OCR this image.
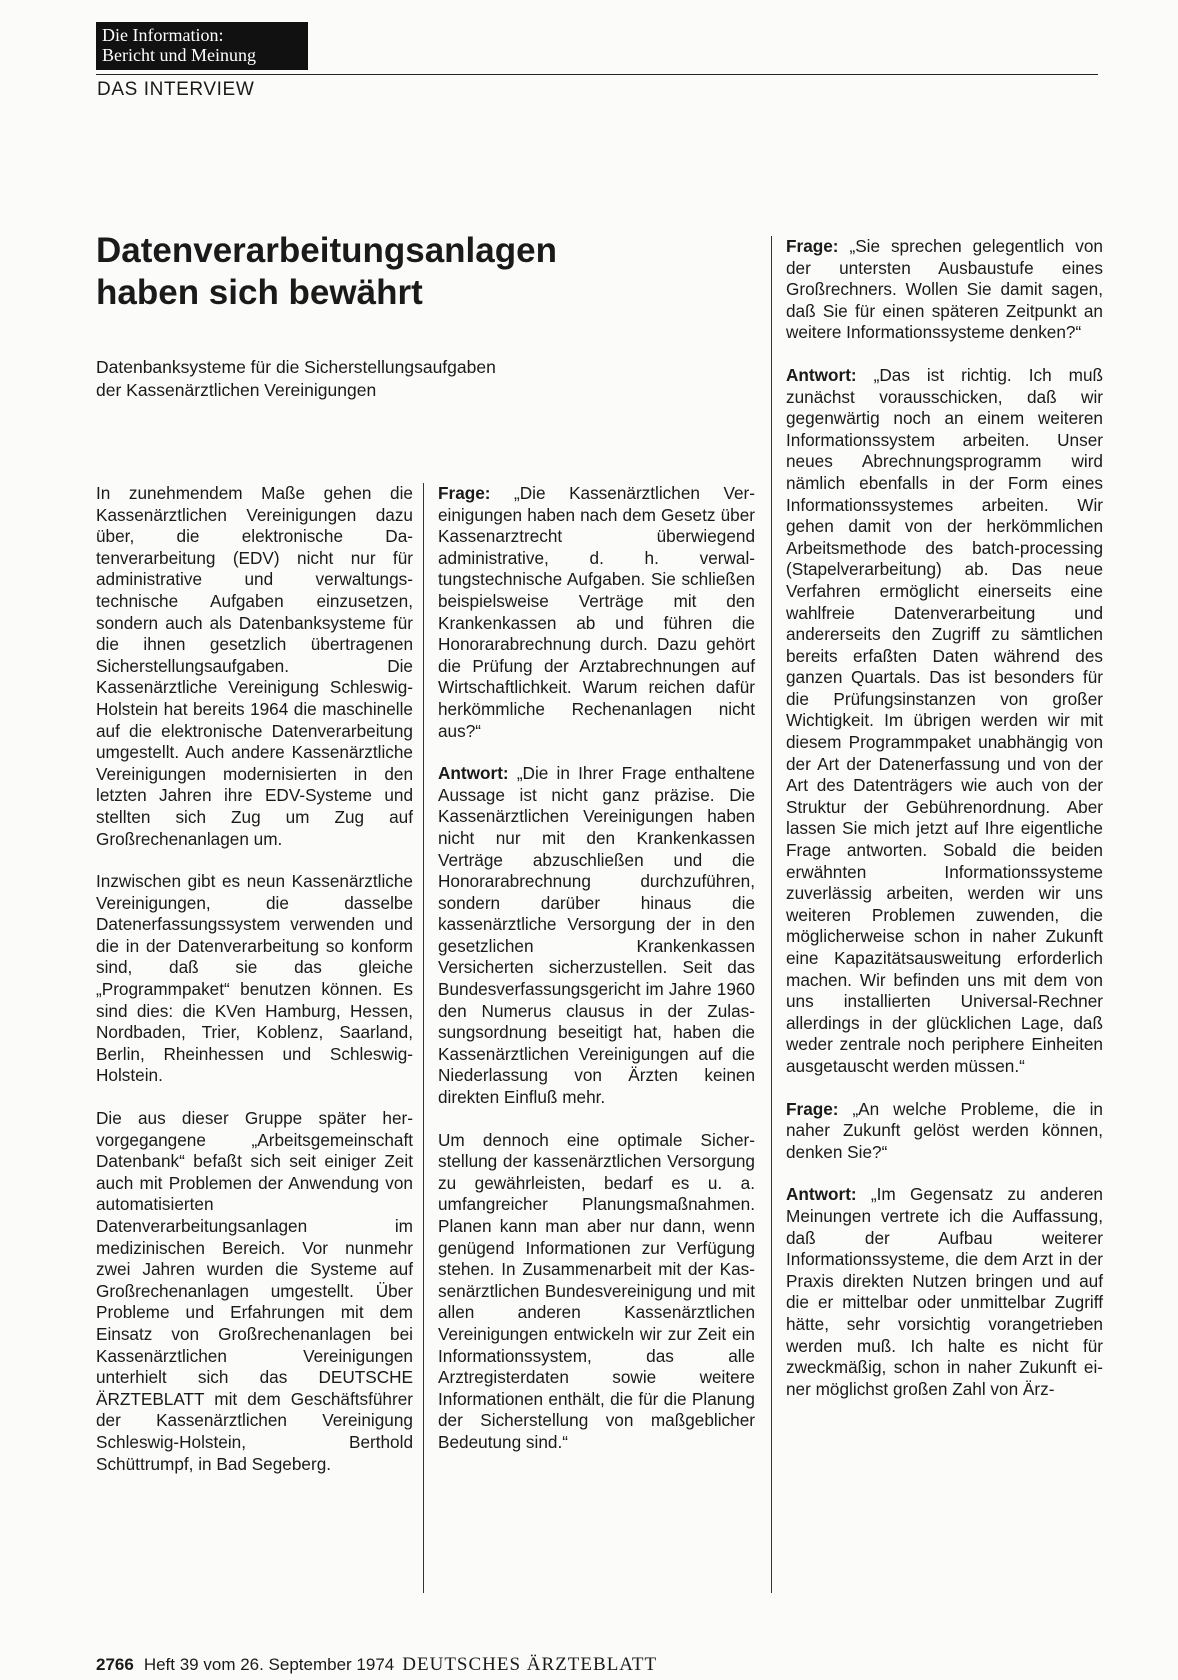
Die Information:
Bericht und Meinung
DAS INTERVIEW
Datenverarbeitungsanlagen
haben sich bewährt
Datenbanksysteme für die Sicherstellungsaufgaben
der Kassenärztlichen Vereinigungen

In zunehmendem Maße gehen die Kassenärztlichen Vereinigungen dazu über, die elektronische Datenverarbeitung (EDV) nicht nur für administrative und verwaltungstechnische Aufgaben einzusetzen, sondern auch als Datenbanksysteme für die ihnen gesetzlich übertragenen Sicherstellungsaufgaben. Die Kassenärztliche Vereinigung Schleswig-Holstein hat bereits 1964 die maschinelle auf die elektronische Datenverarbeitung umgestellt. Auch andere Kassenärztliche Vereinigungen modernisierten in den letzten Jahren ihre EDV-Systeme und stellten sich Zug um Zug auf Großrechenanlagen um.

Inzwischen gibt es neun Kassenärztliche Vereinigungen, die dasselbe Datenerfassungssystem verwenden und die in der Datenverarbeitung so konform sind, daß sie das gleiche „Programmpaket“ benutzen können. Es sind dies: die KVen Hamburg, Hessen, Nordbaden, Trier, Koblenz, Saarland, Berlin, Rheinhessen und Schleswig-Holstein.

Die aus dieser Gruppe später hervorgegangene „Arbeitsgemeinschaft Datenbank“ befaßt sich seit einiger Zeit auch mit Problemen der Anwendung von automatisierten Datenverarbeitungsanlagen im medizinischen Bereich. Vor nunmehr zwei Jahren wurden die Systeme auf Großrechenanlagen umgestellt. Über Probleme und Erfahrungen mit dem Einsatz von Großrechenanlagen bei Kassenärztlichen Vereinigungen unterhielt sich das DEUTSCHE ÄRZTEBLATT mit dem Geschäftsführer der Kassenärztlichen Vereinigung Schleswig-Holstein, Berthold Schüttrumpf, in Bad Segeberg.

Frage: „Die Kassenärztlichen Vereinigungen haben nach dem Gesetz über Kassenarztrecht überwiegend administrative, d. h. verwaltungstechnische Aufgaben. Sie schließen beispielsweise Verträge mit den Krankenkassen ab und führen die Honorarabrechnung durch. Dazu gehört die Prüfung der Arztabrechnungen auf Wirtschaftlichkeit. Warum reichen dafür herkömmliche Rechenanlagen nicht aus?“

Antwort: „Die in Ihrer Frage enthaltene Aussage ist nicht ganz präzise. Die Kassenärztlichen Vereinigungen haben nicht nur mit den Krankenkassen Verträge abzuschließen und die Honorarabrechnung durchzuführen, sondern darüber hinaus die kassenärztliche Versorgung der in den gesetzlichen Krankenkassen Versicherten sicherzustellen. Seit das Bundesverfassungsgericht im Jahre 1960 den Numerus clausus in der Zulassungsordnung beseitigt hat, haben die Kassenärztlichen Vereinigungen auf die Niederlassung von Ärzten keinen direkten Einfluß mehr.

Um dennoch eine optimale Sicherstellung der kassenärztlichen Versorgung zu gewährleisten, bedarf es u. a. umfangreicher Planungsmaßnahmen. Planen kann man aber nur dann, wenn genügend Informationen zur Verfügung stehen. In Zusammenarbeit mit der Kassenärztlichen Bundesvereinigung und mit allen anderen Kassenärztlichen Vereinigungen entwickeln wir zur Zeit ein Informationssystem, das alle Arztregisterdaten sowie weitere Informationen enthält, die für die Planung der Sicherstellung von maßgeblicher Bedeutung sind.“

Frage: „Sie sprechen gelegentlich von der untersten Ausbaustufe eines Großrechners. Wollen Sie damit sagen, daß Sie für einen späteren Zeitpunkt an weitere Informationssysteme denken?“

Antwort: „Das ist richtig. Ich muß zunächst vorausschicken, daß wir gegenwärtig noch an einem weiteren Informationssystem arbeiten. Unser neues Abrechnungsprogramm wird nämlich ebenfalls in der Form eines Informationssystemes arbeiten. Wir gehen damit von der herkömmlichen Arbeitsmethode des batch-processing (Stapelverarbeitung) ab. Das neue Verfahren ermöglicht einerseits eine wahlfreie Datenverarbeitung und andererseits den Zugriff zu sämtlichen bereits erfaßten Daten während des ganzen Quartals. Das ist besonders für die Prüfungsinstanzen von großer Wichtigkeit. Im übrigen werden wir mit diesem Programmpaket unabhängig von der Art der Datenerfassung und von der Art des Datenträgers wie auch von der Struktur der Gebührenordnung. Aber lassen Sie mich jetzt auf Ihre eigentliche Frage antworten. Sobald die beiden erwähnten Informationssysteme zuverlässig arbeiten, werden wir uns weiteren Problemen zuwenden, die möglicherweise schon in naher Zukunft eine Kapazitätsausweitung erforderlich machen. Wir befinden uns mit dem von uns installierten Universal-Rechner allerdings in der glücklichen Lage, daß weder zentrale noch periphere Einheiten ausgetauscht werden müssen.“

Frage: „An welche Probleme, die in naher Zukunft gelöst werden können, denken Sie?“

Antwort: „Im Gegensatz zu anderen Meinungen vertrete ich die Auffassung, daß der Aufbau weiterer Informationssysteme, die dem Arzt in der Praxis direkten Nutzen bringen und auf die er mittelbar oder unmittelbar Zugriff hätte, sehr vorsichtig vorangetrieben werden muß. Ich halte es nicht für zweckmäßig, schon in naher Zukunft einer möglichst großen Zahl von Ärz-

2766 Heft 39 vom 26. September 1974 DEUTSCHES ÄRZTEBLATT
